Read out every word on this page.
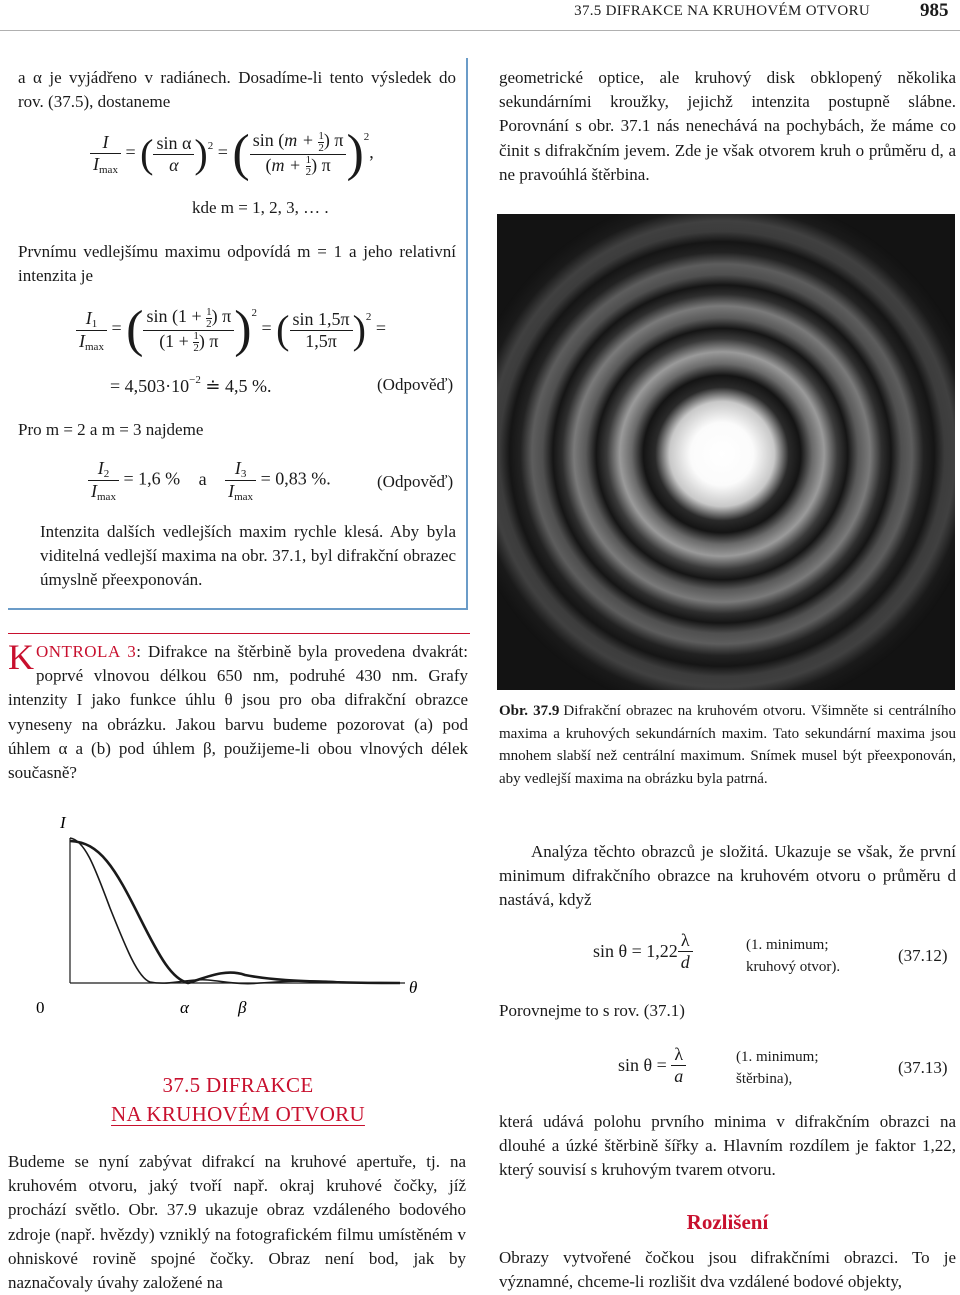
37.5 DIFRAKCE NA KRUHOVÉM OTVORU	985
a α je vyjádřeno v radiánech. Dosadíme-li tento výsledek do rov. (37.5), dostaneme
$\frac{I}{I_{max}}$ = ( $\frac{\text{sin α}}{\alpha} )^2$ = ( $\frac{\sin (m + \frac{1}{2} ) \pi}{(m + \frac{1}{2} ) \pi} )^2$,
kde m = 1, 2, 3, … .
Prvnímu vedlejšímu maximu odpovídá m = 1 a jeho relativní intenzita je
$\frac{I_1}{I_{max}}$ = ( $\frac{\sin (1 + \frac{1}{2} ) \pi}{(1 + \frac{1}{2} ) \pi} )^2$ = ( $\frac{\sin 1,5\pi}{1,5\pi} )^2$ =
= $4,503\cdot 10^{-2}$ ≐ 4,5 %.	(Odpověď)
Pro m = 2 a m = 3 najdeme
$\frac{I_2}{I_{max}} = 1,6$ % a $\frac{I_3}{I_{max}} = 0,83$ %.	(Odpověď)
Intenzita dalších vedlejších maxim rychle klesá. Aby byla viditelná vedlejší maxima na obr. 37.1, byl difrakční obrazec úmyslně přeexponován.
geometrické optice, ale kruhový disk obklopený několika sekundárními kroužky, jejichž intenzita postupně slábne. Porovnání s obr. 37.1 nás nenechává na pochybách, že máme co činit s difrakčním jevem. Zde je však otvorem kruh o průměru d, a ne pravoúhlá štěrbina.
KONTROLA 3: Difrakce na štěrbině byla provedena dvakrát: poprvé vlnovou délkou 650 nm, podruhé 430 nm. Grafy intenzity I jako funkce úhlu θ jsou pro oba difrakční obrazce vyneseny na obrázku. Jakou barvu budeme pozorovat (a) pod úhlem α a (b) pod úhlem β, použijeme-li obou vlnových délek současně?
I
θ
0	α	β
Obr. 37.9 Difrakční obrazec na kruhovém otvoru. Všimněte si centrálního maxima a kruhových sekundárních maxim. Tato sekundární maxima jsou mnohem slabší než centrální maximum. Snímek musel být přeexponován, aby vedlejší maxima na obrázku byla patrná.
37.5 DIFRAKCE
NA KRUHOVÉM OTVORU
Budeme se nyní zabývat difrakcí na kruhové apertuře, tj. na kruhovém otvoru, jaký tvoří např. okraj kruhové čočky, jíž prochází světlo. Obr. 37.9 ukazuje obraz vzdáleného bodového zdroje (např. hvězdy) vzniklý na fotografickém filmu umístěném v ohniskové rovině spojné čočky. Obraz není bod, jak by naznačovaly úvahy založené na
Analýza těchto obrazců je složitá. Ukazuje se však, že první minimum difrakčního obrazce na kruhovém otvoru o průměru d nastává, když
$\sin \theta = 1,22 \frac{\lambda}{d}$	(1. minimum;
kruhový otvor).
(37.12)
Porovnejme to s rov. (37.1)
$\sin \theta = \frac{\lambda}{a}$	(1. minimum;
štěrbina),
(37.13)
která udává polohu prvního minima v difrakčním obrazci na dlouhé a úzké štěrbině šířky a. Hlavním rozdílem je faktor 1,22, který souvisí s kruhovým tvarem otvoru.
Rozlišení
Obrazy vytvořené čočkou jsou difrakčními obrazci. To je významné, chceme-li rozlišit dva vzdálené bodové objekty,
